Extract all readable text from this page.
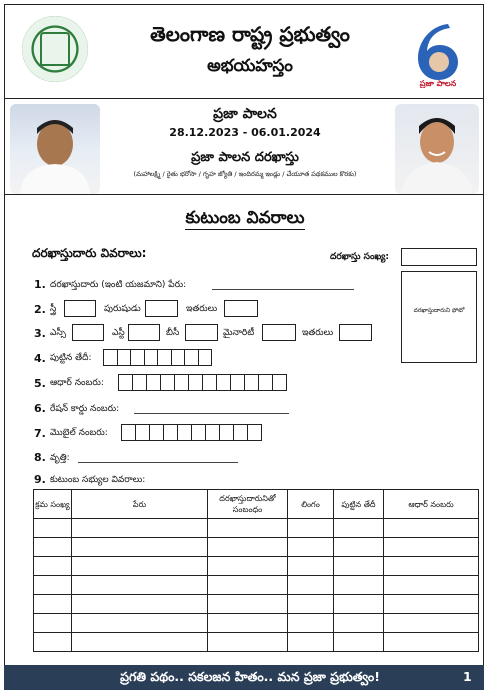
తెలంగాణ రాష్ట్ర ప్రభుత్వం
అభయహస్తం
ప్రజా పాలన
ప్రజా పాలన
28.12.2023 - 06.01.2024
ప్రజా పాలన దరఖాస్తు
(మహాలక్ష్మి / రైతు భరోసా / గృహ జ్యోతి / ఇందిరమ్మ ఇండ్లు / చేయూత పథకముల కొరకు)
కుటుంబ వివరాలు
దరఖాస్తుదారు వివరాలు:	దరఖాస్తు సంఖ్య:
దరఖాస్తుదారుని ఫోటో
1. దరఖాస్తుదారు (ఇంటి యజమాని) పేరు:
2. స్త్రీ	పురుషుడు	ఇతరులు
3. ఎస్సీ	ఎస్టీ	బీసీ	మైనారిటీ	ఇతరులు
4. పుట్టిన తేదీ:
5. ఆధార్ నంబరు:
6. రేషన్ కార్డు నంబరు:
7. మొబైల్ నంబరు:
8. వృత్తి:
9. కుటుంబ సభ్యుల వివరాలు:
క్రమ సంఖ్య	పేరు	దరఖాస్తుదారునితో సంబంధం	లింగం	పుట్టిన తేదీ	ఆధార్ నంబరు

ప్రగతి పథం.. సకలజన హితం.. మన ప్రజా ప్రభుత్వం!	1
